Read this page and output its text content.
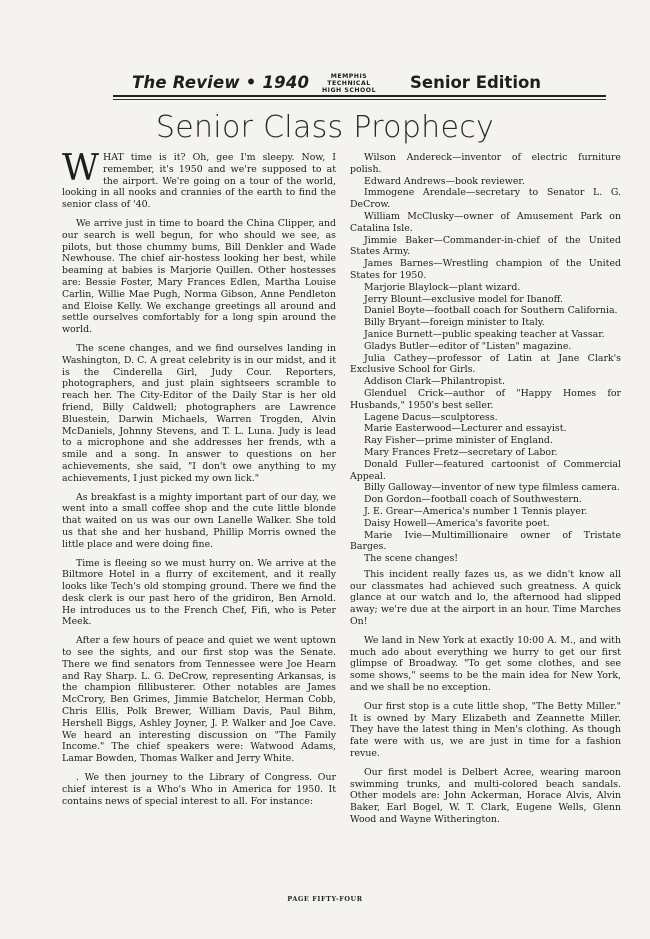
The Review • 1940	MEMPHIS
TECHNICAL
HIGH SCHOOL	Senior Edition
Senior Class Prophecy

WHAT time is it? Oh, gee I'm sleepy. Now, I remember, it's 1950 and we're supposed to at the airport. We're going on a tour of the world, looking in all nooks and crannies of the earth to find the senior class of '40.

We arrive just in time to board the China Clipper, and our search is well begun, for who should we see, as pilots, but those chummy bums, Bill Denkler and Wade Newhouse. The chief air-hostess looking her best, while beaming at babies is Marjorie Quillen. Other hostesses are: Bessie Foster, Mary Frances Edlen, Martha Louise Carlin, Willie Mae Pugh, Norma Gibson, Anne Pendleton and Eloise Kelly. We exchange greetings all around and settle ourselves comfortably for a long spin around the world.

The scene changes, and we find ourselves landing in Washington, D. C. A great celebrity is in our midst, and it is the Cinderella Girl, Judy Cour. Reporters, photographers, and just plain sightseers scramble to reach her. The City-Editor of the Daily Star is her old friend, Billy Caldwell; photographers are Lawrence Bluestein, Darwin Michaels, Warren Trogden, Alvin McDaniels, Johnny Stevens, and T. L. Luna. Judy is lead to a microphone and she addresses her frends, wth a smile and a song. In answer to questions on her achievements, she said, "I don't owe anything to my achievements, I just picked my own lick."

As breakfast is a mighty important part of our day, we went into a small coffee shop and the cute little blonde that waited on us was our own Lanelle Walker. She told us that she and her husband, Phillip Morris owned the little place and were doing fine.

Time is fleeing so we must hurry on. We arrive at the Biltmore Hotel in a flurry of excitement, and it really looks like Tech's old stomping ground. There we find the desk clerk is our past hero of the gridiron, Ben Arnold. He introduces us to the French Chef, Fifi, who is Peter Meek.

After a few hours of peace and quiet we went uptown to see the sights, and our first stop was the Senate. There we find senators from Tennessee were Joe Hearn and Ray Sharp. L. G. DeCrow, representing Arkansas, is the champion fillibusterer. Other notables are James McCrory, Ben Grimes, Jimmie Batchelor, Herman Cobb, Chris Ellis, Polk Brewer, William Davis, Paul Bihm, Hershell Biggs, Ashley Joyner, J. P. Walker and Joe Cave. We heard an interesting discussion on "The Family Income." The chief speakers were: Watwood Adams, Lamar Bowden, Thomas Walker and Jerry White.

. We then journey to the Library of Congress. Our chief interest is a Who's Who in America for 1950. It contains news of special interest to all. For instance:

Wilson Andereck—inventor of electric furniture polish.

Edward Andrews—book reviewer.

Immogene Arendale—secretary to Senator L. G. DeCrow.

William McClusky—owner of Amusement Park on Catalina Isle.

Jimmie Baker—Commander-in-chief of the United States Army.

James Barnes—Wrestling champion of the United States for 1950.

Marjorie Blaylock—plant wizard.

Jerry Blount—exclusive model for Ibanoff.

Daniel Boyte—football coach for Southern California.

Billy Bryant—foreign minister to Italy.

Janice Burnett—public speaking teacher at Vassar.

Gladys Butler—editor of "Listen" magazine.

Julia Cathey—professor of Latin at Jane Clark's Exclusive School for Girls.

Addison Clark—Philantropist.

Glenduel Crick—author of "Happy Homes for Husbands," 1950's best seller.

Lagene Dacus—sculptoress.

Marie Easterwood—Lecturer and essayist.

Ray Fisher—prime minister of England.

Mary Frances Fretz—secretary of Labor.

Donald Fuller—featured cartoonist of Commercial Appeal.

Billy Galloway—inventor of new type filmless camera.

Don Gordon—football coach of Southwestern.

J. E. Grear—America's number 1 Tennis player.

Daisy Howell—America's favorite poet.

Marie Ivie—Multimillionaire owner of Tristate Barges.

The scene changes!

This incident really fazes us, as we didn't know all our classmates had achieved such greatness. A quick glance at our watch and lo, the afternood had slipped away; we're due at the airport in an hour. Time Marches On!

We land in New York at exactly 10:00 A. M., and with much ado about everything we hurry to get our first glimpse of Broadway. "To get some clothes, and see some shows," seems to be the main idea for New York, and we shall be no exception.

Our first stop is a cute little shop, "The Betty Miller." It is owned by Mary Elizabeth and Zeannette Miller. They have the latest thing in Men's clothing. As though fate were with us, we are just in time for a fashion revue.

Our first model is Delbert Acree, wearing maroon swimming trunks, and multi-colored beach sandals. Other models are: John Ackerman, Horace Alvis, Alvin Baker, Earl Bogel, W. T. Clark, Eugene Wells, Glenn Wood and Wayne Witherington.

PAGE FIFTY-FOUR
